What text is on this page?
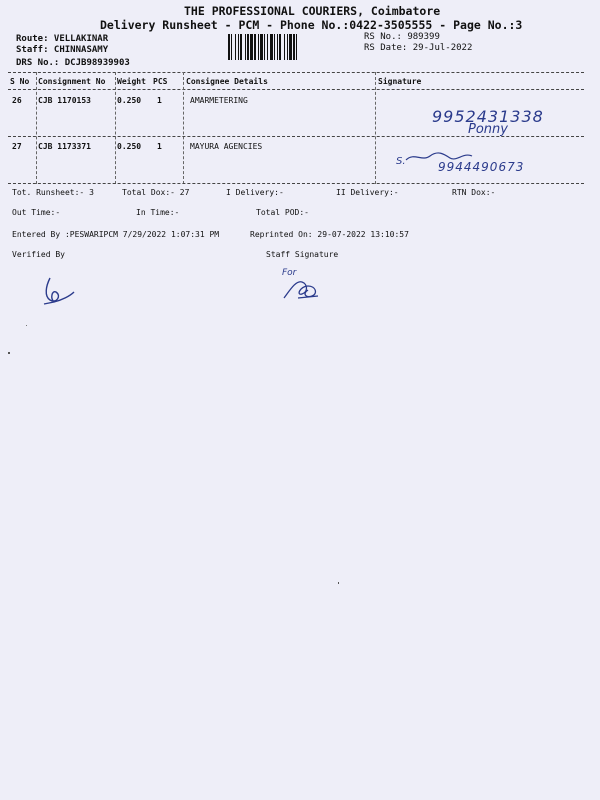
THE PROFESSIONAL COURIERS, Coimbatore
Delivery Runsheet - PCM - Phone No.:0422-3505555 - Page No.:3
Route: VELLAKINAR
Staff: CHINNASAMY
DRS No.: DCJB98939903
RS No.: 989399
RS Date: 29-Jul-2022
S No Consignment No Weight PCS Consignee Details	Signature
26 CJB 1170153	0.250 1	AMARMETERING
9952431338
Ponny
27 CJB 1173371	0.250 1	MAYURA AGENCIES
S.	9944490673
Tot. Runsheet:- 3	Total Dox:- 27	I Delivery:-	II Delivery:-	RTN Dox:-
Out Time:-	In Time:-	Total POD:-
Entered By :PESWARIPCM 7/29/2022 1:07:31 PM	Reprinted On: 29-07-2022 13:10:57
Verified By	Staff Signature
For
